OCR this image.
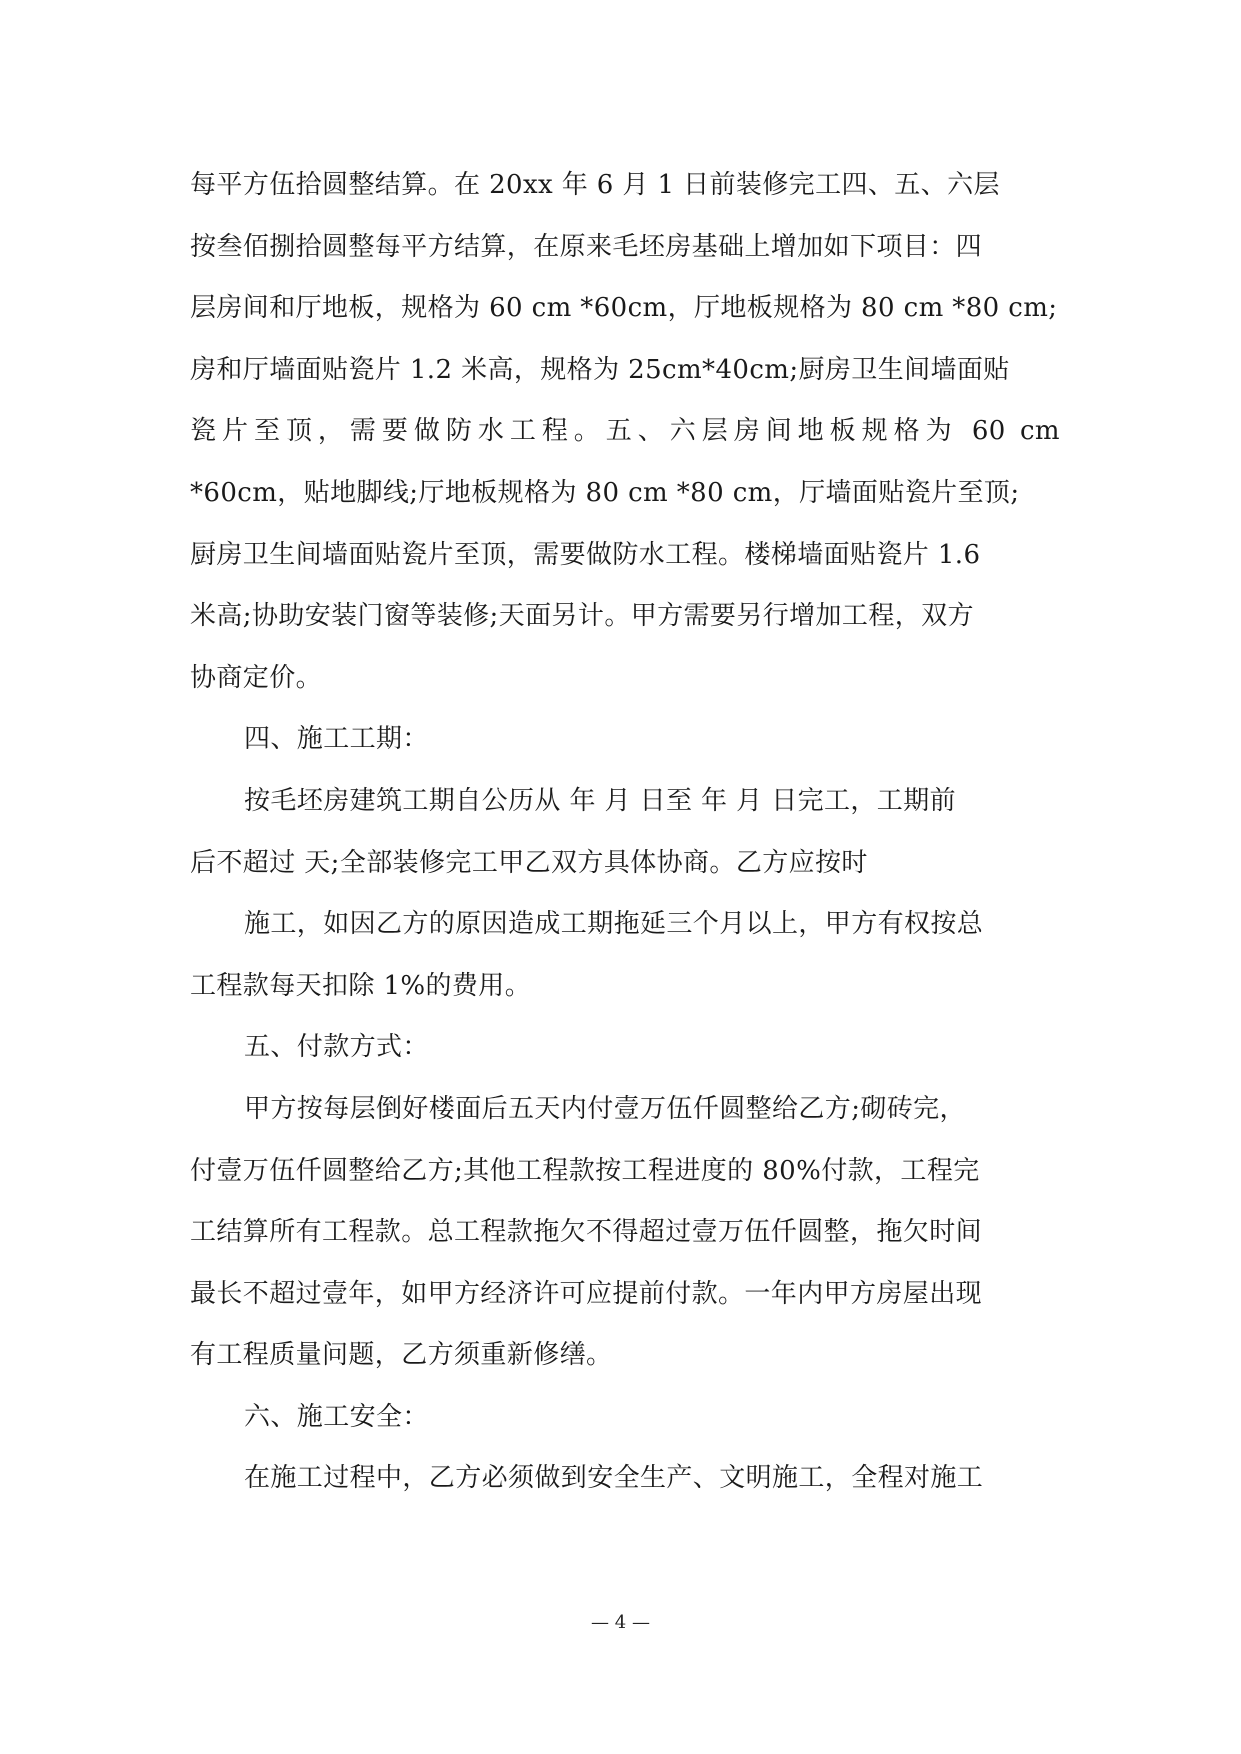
每平方伍拾圆整结算。在 20xx 年 6 月 1 日前装修完工四、五、六层
按叁佰捌拾圆整每平方结算，在原来毛坯房基础上增加如下项目：四
层房间和厅地板，规格为 60 cm *60cm，厅地板规格为 80 cm *80 cm;
房和厅墙面贴瓷片 1.2 米高，规格为 25cm*40cm;厨房卫生间墙面贴
瓷片至顶，需要做防水工程。五、六层房间地板规格为 60 cm
*60cm，贴地脚线;厅地板规格为 80 cm *80 cm，厅墙面贴瓷片至顶;
厨房卫生间墙面贴瓷片至顶，需要做防水工程。楼梯墙面贴瓷片 1.6
米高;协助安装门窗等装修;天面另计。甲方需要另行增加工程，双方
协商定价。
四、施工工期：
按毛坯房建筑工期自公历从 年 月 日至 年 月 日完工，工期前
后不超过 天;全部装修完工甲乙双方具体协商。乙方应按时
施工，如因乙方的原因造成工期拖延三个月以上，甲方有权按总
工程款每天扣除 1%的费用。
五、付款方式：
甲方按每层倒好楼面后五天内付壹万伍仟圆整给乙方;砌砖完，
付壹万伍仟圆整给乙方;其他工程款按工程进度的 80%付款，工程完
工结算所有工程款。总工程款拖欠不得超过壹万伍仟圆整，拖欠时间
最长不超过壹年，如甲方经济许可应提前付款。一年内甲方房屋出现
有工程质量问题，乙方须重新修缮。
六、施工安全：
在施工过程中，乙方必须做到安全生产、文明施工，全程对施工
— 4 —
